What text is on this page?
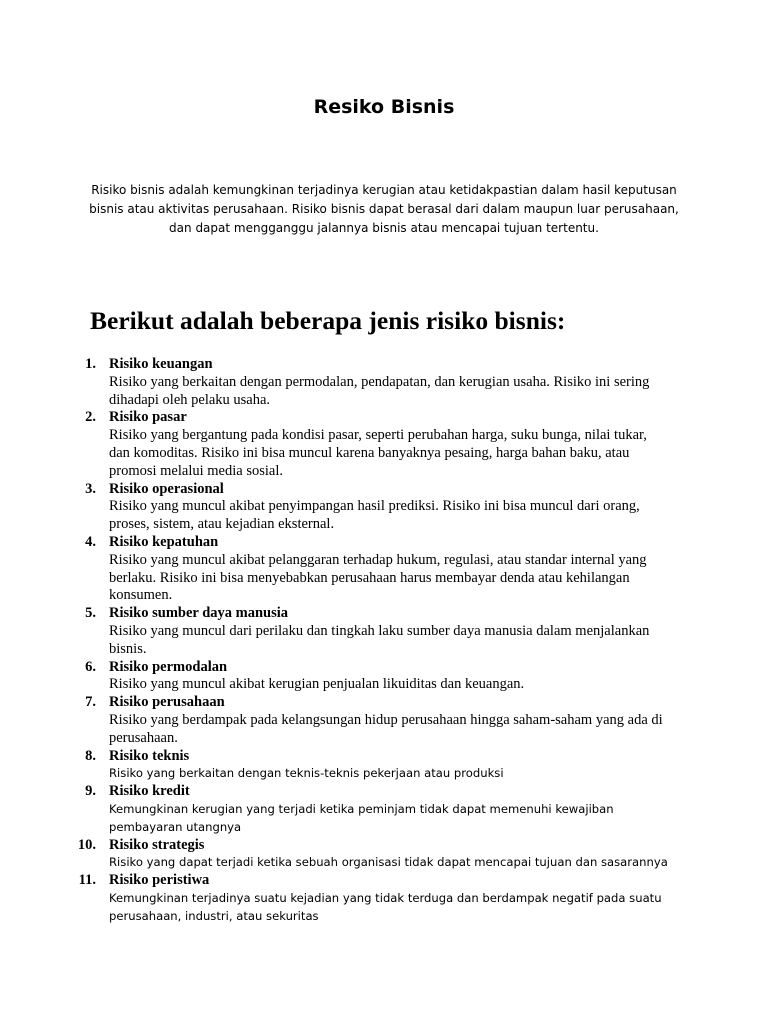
Resiko Bisnis

Risiko bisnis adalah kemungkinan terjadinya kerugian atau ketidakpastian dalam hasil keputusan bisnis atau aktivitas perusahaan. Risiko bisnis dapat berasal dari dalam maupun luar perusahaan, dan dapat mengganggu jalannya bisnis atau mencapai tujuan tertentu.

Berikut adalah beberapa jenis risiko bisnis:
1. Risiko keuangan
Risiko yang berkaitan dengan permodalan, pendapatan, dan kerugian usaha. Risiko ini sering dihadapi oleh pelaku usaha.
2. Risiko pasar
Risiko yang bergantung pada kondisi pasar, seperti perubahan harga, suku bunga, nilai tukar, dan komoditas. Risiko ini bisa muncul karena banyaknya pesaing, harga bahan baku, atau promosi melalui media sosial.
3. Risiko operasional
Risiko yang muncul akibat penyimpangan hasil prediksi. Risiko ini bisa muncul dari orang, proses, sistem, atau kejadian eksternal.
4. Risiko kepatuhan
Risiko yang muncul akibat pelanggaran terhadap hukum, regulasi, atau standar internal yang berlaku. Risiko ini bisa menyebabkan perusahaan harus membayar denda atau kehilangan konsumen.
5. Risiko sumber daya manusia
Risiko yang muncul dari perilaku dan tingkah laku sumber daya manusia dalam menjalankan bisnis.
6. Risiko permodalan
Risiko yang muncul akibat kerugian penjualan likuiditas dan keuangan.
7. Risiko perusahaan
Risiko yang berdampak pada kelangsungan hidup perusahaan hingga saham-saham yang ada di perusahaan.
8. Risiko teknis
Risiko yang berkaitan dengan teknis-teknis pekerjaan atau produksi
9. Risiko kredit
Kemungkinan kerugian yang terjadi ketika peminjam tidak dapat memenuhi kewajiban pembayaran utangnya
10. Risiko strategis
Risiko yang dapat terjadi ketika sebuah organisasi tidak dapat mencapai tujuan dan sasarannya
11. Risiko peristiwa
Kemungkinan terjadinya suatu kejadian yang tidak terduga dan berdampak negatif pada suatu perusahaan, industri, atau sekuritas
